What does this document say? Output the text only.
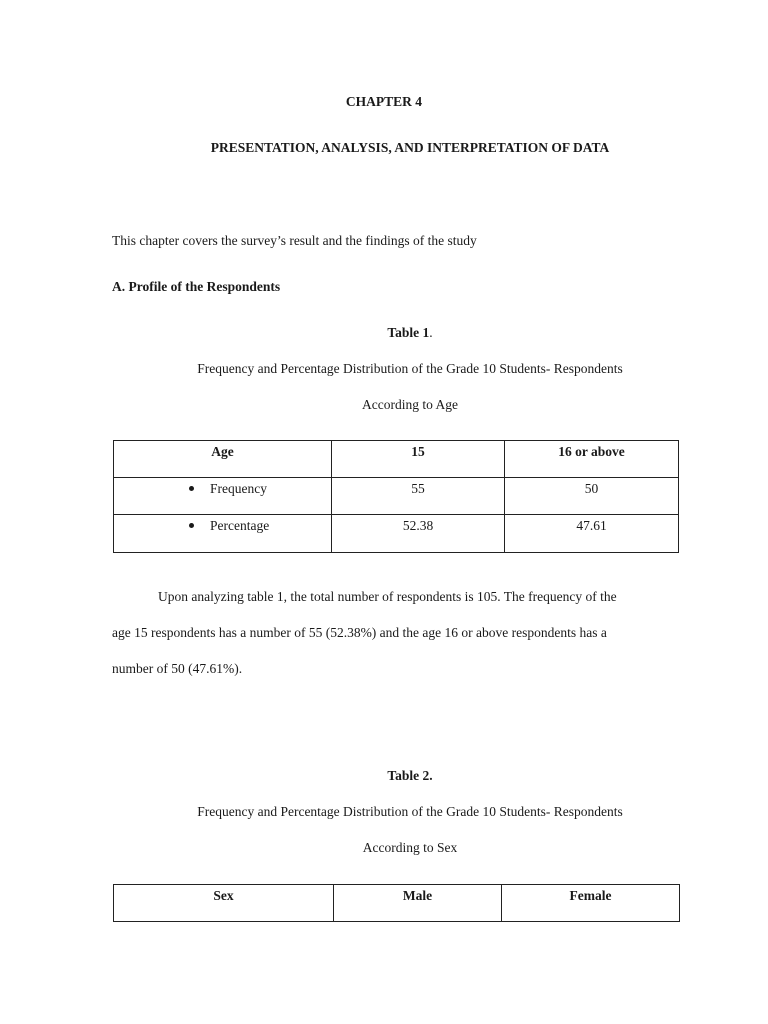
CHAPTER 4
PRESENTATION, ANALYSIS, AND INTERPRETATION OF DATA
This chapter covers the survey’s result and the findings of the study
A. Profile of the Respondents
Table 1.
Frequency and Percentage Distribution of the Grade 10 Students- Respondents
According to Age
Age	15	16 or above

Frequency	55	50

Percentage	52.38	47.61
Upon analyzing table 1, the total number of respondents is 105. The frequency of the
age 15 respondents has a number of 55 (52.38%) and the age 16 or above respondents has a
number of 50 (47.61%).
Table 2.
Frequency and Percentage Distribution of the Grade 10 Students- Respondents
According to Sex
Sex	Male	Female
